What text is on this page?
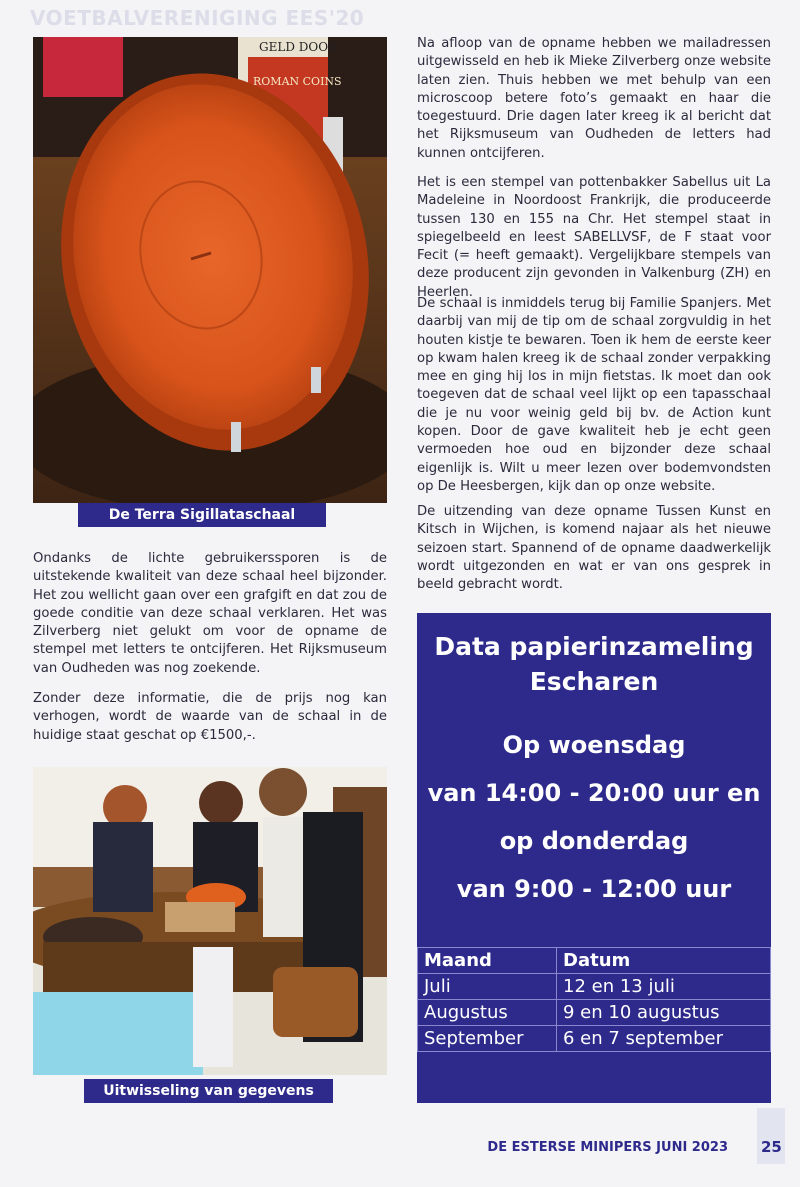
VOETBALVERENIGING EES'20
GELD DOOR
ROMAN COINS
De Terra Sigillataschaal

Ondanks de lichte gebruikerssporen is de uitstekende kwaliteit van deze schaal heel bijzonder. Het zou wellicht gaan over een grafgift en dat zou de goede conditie van deze schaal verklaren. Het was Zilverberg niet gelukt om voor de opname de stempel met letters te ontcijferen. Het Rijksmuseum van Oudheden was nog zoekende.

Zonder deze informatie, die de prijs nog kan verhogen, wordt de waarde van de schaal in de huidige staat geschat op €1500,-.

Uitwisseling van gegevens

Na afloop van de opname hebben we mailadressen uitgewisseld en heb ik Mieke Zilverberg onze website laten zien. Thuis hebben we met behulp van een microscoop betere foto’s gemaakt en haar die toegestuurd. Drie dagen later kreeg ik al bericht dat het Rijksmuseum van Oudheden de letters had kunnen ontcijferen.

Het is een stempel van pottenbakker Sabellus uit La Madeleine in Noordoost Frankrijk, die produceerde tussen 130 en 155 na Chr. Het stempel staat in spiegelbeeld en leest SABELLVSF, de F staat voor Fecit (= heeft gemaakt). Vergelijkbare stempels van deze producent zijn gevonden in Valkenburg (ZH) en Heerlen.

De schaal is inmiddels terug bij Familie Spanjers. Met daarbij van mij de tip om de schaal zorgvuldig in het houten kistje te bewaren. Toen ik hem de eerste keer op kwam halen kreeg ik de schaal zonder verpakking mee en ging hij los in mijn fietstas. Ik moet dan ook toegeven dat de schaal veel lijkt op een tapasschaal die je nu voor weinig geld bij bv. de Action kunt kopen. Door de gave kwaliteit heb je echt geen vermoeden hoe oud en bijzonder deze schaal eigenlijk is. Wilt u meer lezen over bodemvondsten op De Heesbergen, kijk dan op onze website.

De uitzending van deze opname Tussen Kunst en Kitsch in Wijchen, is komend najaar als het nieuwe seizoen start. Spannend of de opname daadwerkelijk wordt uitgezonden en wat er van ons gesprek in beeld gebracht wordt.

Data papierinzameling
Escharen
Op woensdag
van 14:00 - 20:00 uur en
op donderdag
van 9:00 - 12:00 uur
Maand	Datum
Juli	12 en 13 juli
Augustus	9 en 10 augustus
September	6 en 7 september
DE ESTERSE MINIPERS JUNI 2023 25
